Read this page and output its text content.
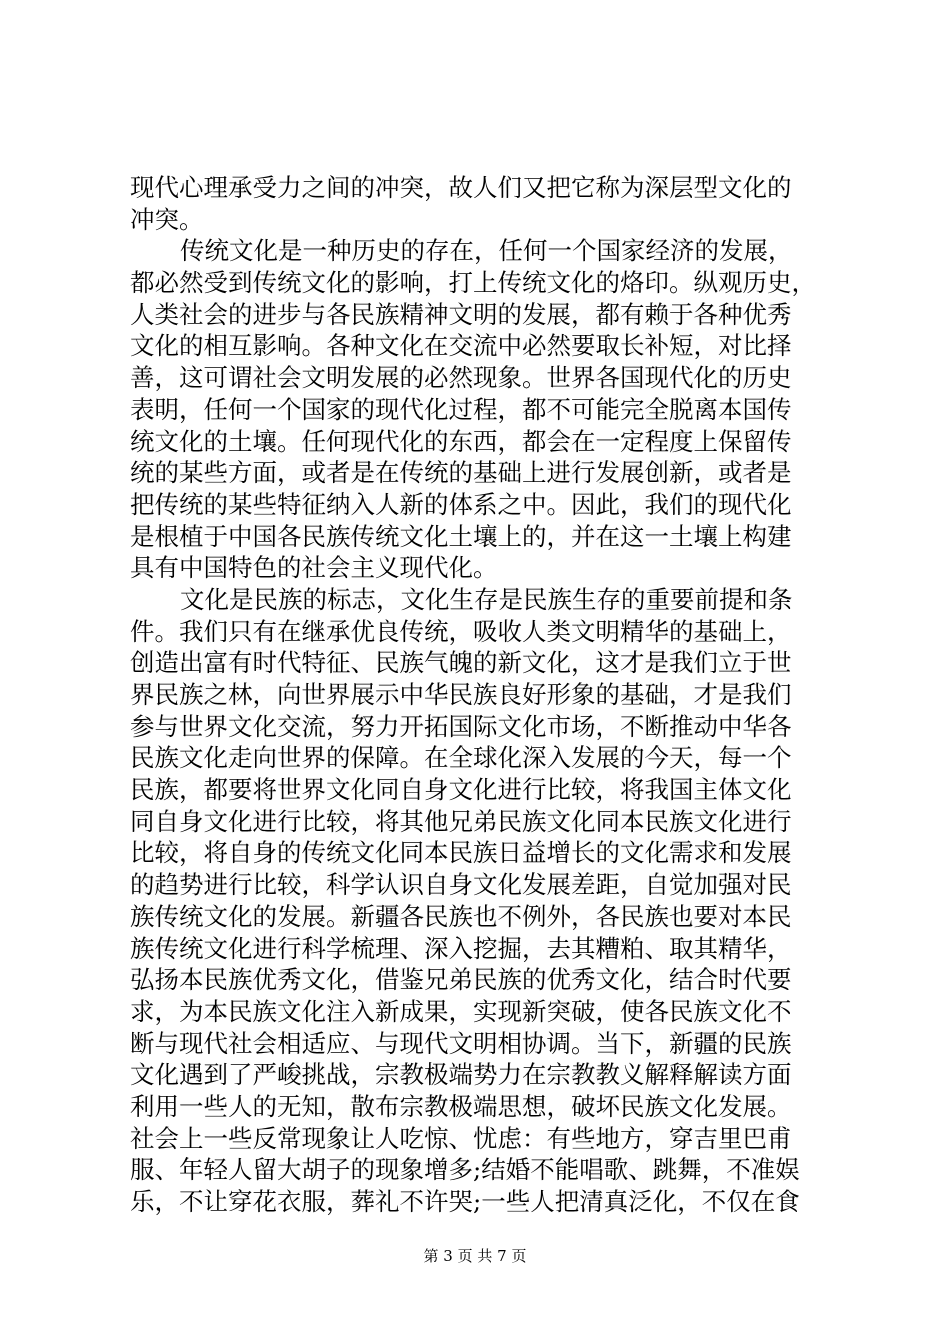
现代心理承受力之间的冲突，故人们又把它称为深层型文化的
冲突。
传统文化是一种历史的存在，任何一个国家经济的发展，
都必然受到传统文化的影响，打上传统文化的烙印。纵观历史，
人类社会的进步与各民族精神文明的发展，都有赖于各种优秀
文化的相互影响。各种文化在交流中必然要取长补短，对比择
善，这可谓社会文明发展的必然现象。世界各国现代化的历史
表明，任何一个国家的现代化过程，都不可能完全脱离本国传
统文化的土壤。任何现代化的东西，都会在一定程度上保留传
统的某些方面，或者是在传统的基础上进行发展创新，或者是
把传统的某些特征纳入人新的体系之中。因此，我们的现代化
是根植于中国各民族传统文化土壤上的，并在这一土壤上构建
具有中国特色的社会主义现代化。
文化是民族的标志，文化生存是民族生存的重要前提和条
件。我们只有在继承优良传统，吸收人类文明精华的基础上，
创造出富有时代特征、民族气魄的新文化，这才是我们立于世
界民族之林，向世界展示中华民族良好形象的基础，才是我们
参与世界文化交流，努力开拓国际文化市场，不断推动中华各
民族文化走向世界的保障。在全球化深入发展的今天，每一个
民族，都要将世界文化同自身文化进行比较，将我国主体文化
同自身文化进行比较，将其他兄弟民族文化同本民族文化进行
比较，将自身的传统文化同本民族日益增长的文化需求和发展
的趋势进行比较，科学认识自身文化发展差距，自觉加强对民
族传统文化的发展。新疆各民族也不例外，各民族也要对本民
族传统文化进行科学梳理、深入挖掘，去其糟粕、取其精华，
弘扬本民族优秀文化，借鉴兄弟民族的优秀文化，结合时代要
求，为本民族文化注入新成果，实现新突破，使各民族文化不
断与现代社会相适应、与现代文明相协调。当下，新疆的民族
文化遇到了严峻挑战，宗教极端势力在宗教教义解释解读方面
利用一些人的无知，散布宗教极端思想，破坏民族文化发展。
社会上一些反常现象让人吃惊、忧虑：有些地方，穿吉里巴甫
服、年轻人留大胡子的现象增多;结婚不能唱歌、跳舞，不准娱
乐，不让穿花衣服，葬礼不许哭;一些人把清真泛化，不仅在食
第 3 页 共 7 页
